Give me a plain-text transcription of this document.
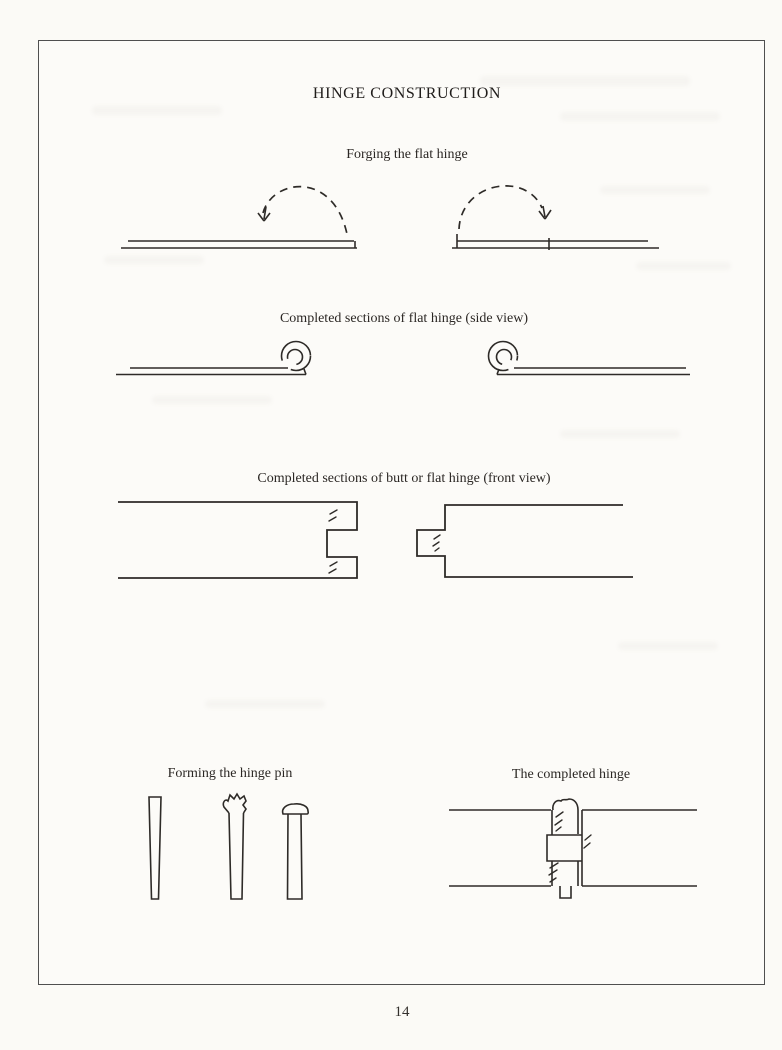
HINGE CONSTRUCTION
Forging the flat hinge
Completed sections of flat hinge (side view)
Completed sections of butt or flat hinge (front view)
Forming the hinge pin	The completed hinge
14
